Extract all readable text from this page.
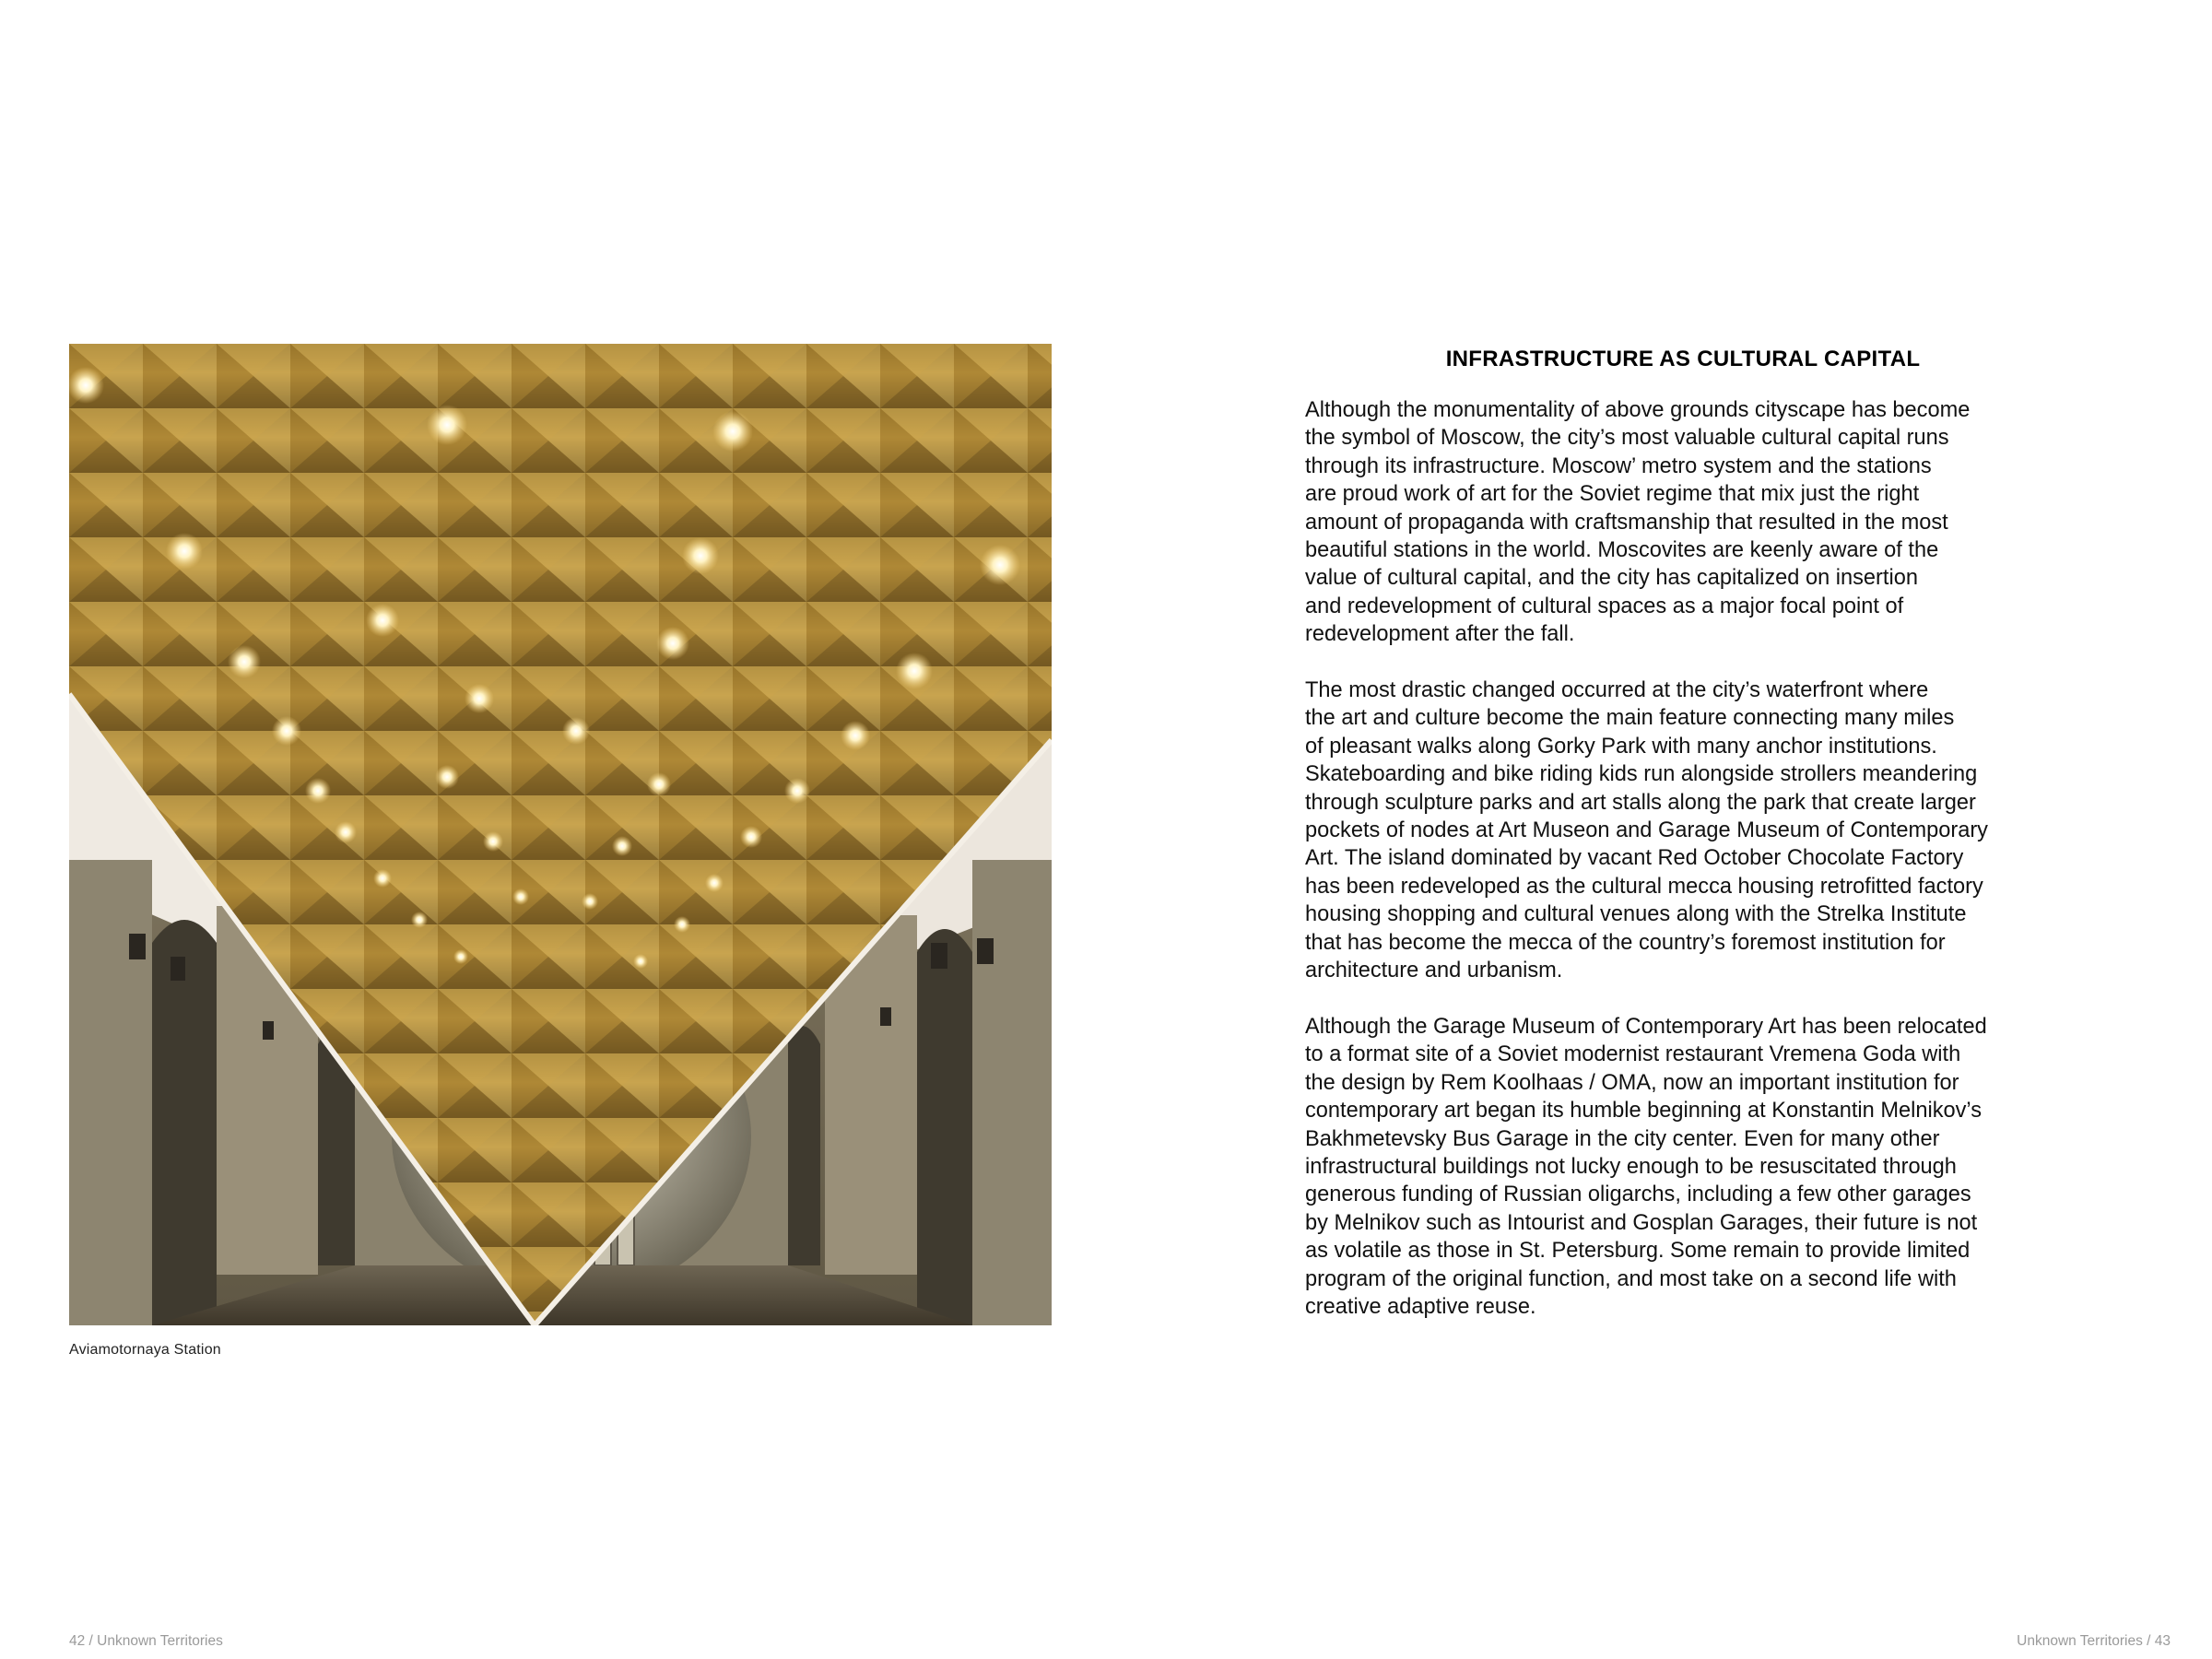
Aviamotornaya Station
INFRASTRUCTURE AS CULTURAL CAPITAL
Although the monumentality of above grounds cityscape has become
the symbol of Moscow, the city’s most valuable cultural capital runs
through its infrastructure. Moscow’ metro system and the stations
are proud work of art for the Soviet regime that mix just the right
amount of propaganda with craftsmanship that resulted in the most
beautiful stations in the world. Moscovites are keenly aware of the
value of cultural capital, and the city has capitalized on insertion
and redevelopment of cultural spaces as a major focal point of
redevelopment after the fall.
The most drastic changed occurred at the city’s waterfront where
the art and culture become the main feature connecting many miles
of pleasant walks along Gorky Park with many anchor institutions.
Skateboarding and bike riding kids run alongside strollers meandering
through sculpture parks and art stalls along the park that create larger
pockets of nodes at Art Museon and Garage Museum of Contemporary
Art. The island dominated by vacant Red October Chocolate Factory
has been redeveloped as the cultural mecca housing retrofitted factory
housing shopping and cultural venues along with the Strelka Institute
that has become the mecca of the country’s foremost institution for
architecture and urbanism.
Although the Garage Museum of Contemporary Art has been relocated
to a format site of a Soviet modernist restaurant Vremena Goda with
the design by Rem Koolhaas / OMA, now an important institution for
contemporary art began its humble beginning at Konstantin Melnikov’s
Bakhmetevsky Bus Garage in the city center. Even for many other
infrastructural buildings not lucky enough to be resuscitated through
generous funding of Russian oligarchs, including a few other garages
by Melnikov such as Intourist and Gosplan Garages, their future is not
as volatile as those in St. Petersburg. Some remain to provide limited
program of the original function, and most take on a second life with
creative adaptive reuse.
42 / Unknown Territories	Unknown Territories / 43
